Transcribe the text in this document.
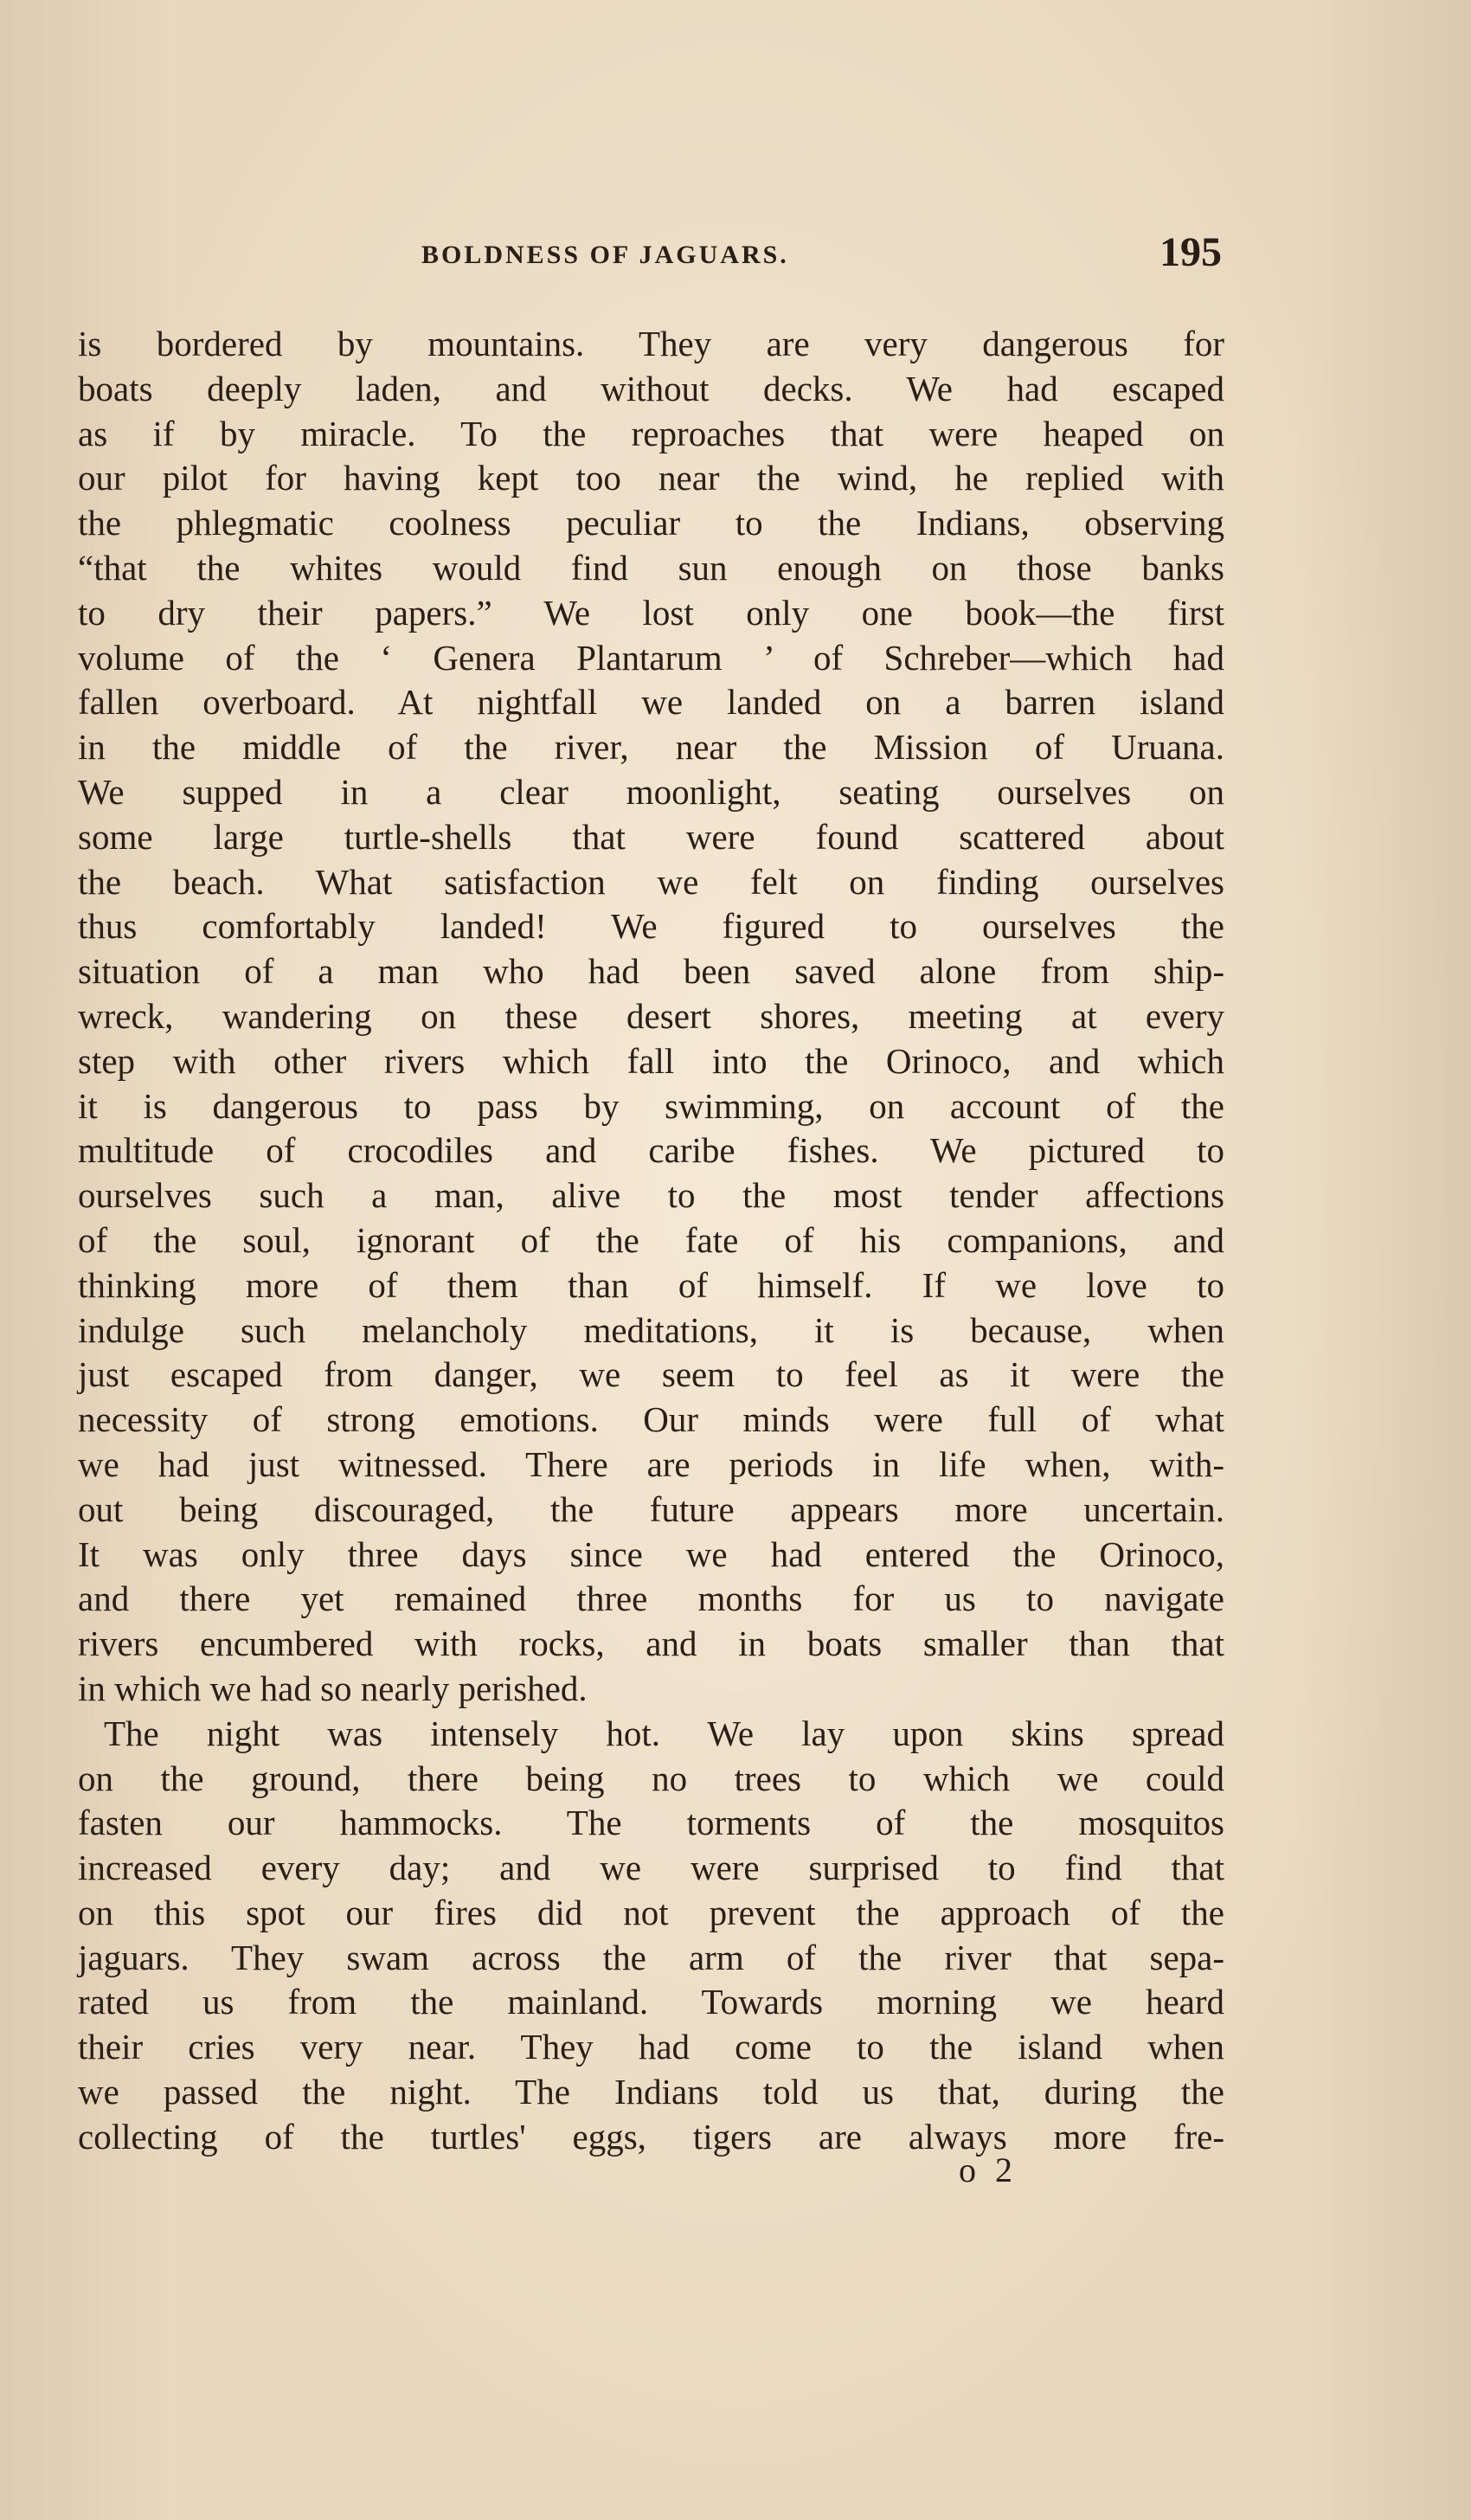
BOLDNESS OF JAGUARS.	195
is bordered by mountains. They are very dangerous for
boats deeply laden, and without decks. We had escaped
as if by miracle. To the reproaches that were heaped on
our pilot for having kept too near the wind, he replied with
the phlegmatic coolness peculiar to the Indians, observing
“that the whites would find sun enough on those banks
to dry their papers.” We lost only one book—the first
volume of the ‘ Genera Plantarum ’ of Schreber—which had
fallen overboard. At nightfall we landed on a barren island
in the middle of the river, near the Mission of Uruana.
We supped in a clear moonlight, seating ourselves on
some large turtle-shells that were found scattered about
the beach. What satisfaction we felt on finding ourselves
thus comfortably landed! We figured to ourselves the
situation of a man who had been saved alone from ship-
wreck, wandering on these desert shores, meeting at every
step with other rivers which fall into the Orinoco, and which
it is dangerous to pass by swimming, on account of the
multitude of crocodiles and caribe fishes. We pictured to
ourselves such a man, alive to the most tender affections
of the soul, ignorant of the fate of his companions, and
thinking more of them than of himself. If we love to
indulge such melancholy meditations, it is because, when
just escaped from danger, we seem to feel as it were the
necessity of strong emotions. Our minds were full of what
we had just witnessed. There are periods in life when, with-
out being discouraged, the future appears more uncertain.
It was only three days since we had entered the Orinoco,
and there yet remained three months for us to navigate
rivers encumbered with rocks, and in boats smaller than that
in which we had so nearly perished.
The night was intensely hot. We lay upon skins spread
on the ground, there being no trees to which we could
fasten our hammocks. The torments of the mosquitos
increased every day; and we were surprised to find that
on this spot our fires did not prevent the approach of the
jaguars. They swam across the arm of the river that sepa-
rated us from the mainland. Towards morning we heard
their cries very near. They had come to the island when
we passed the night. The Indians told us that, during the
collecting of the turtles' eggs, tigers are always more fre-
o 2
